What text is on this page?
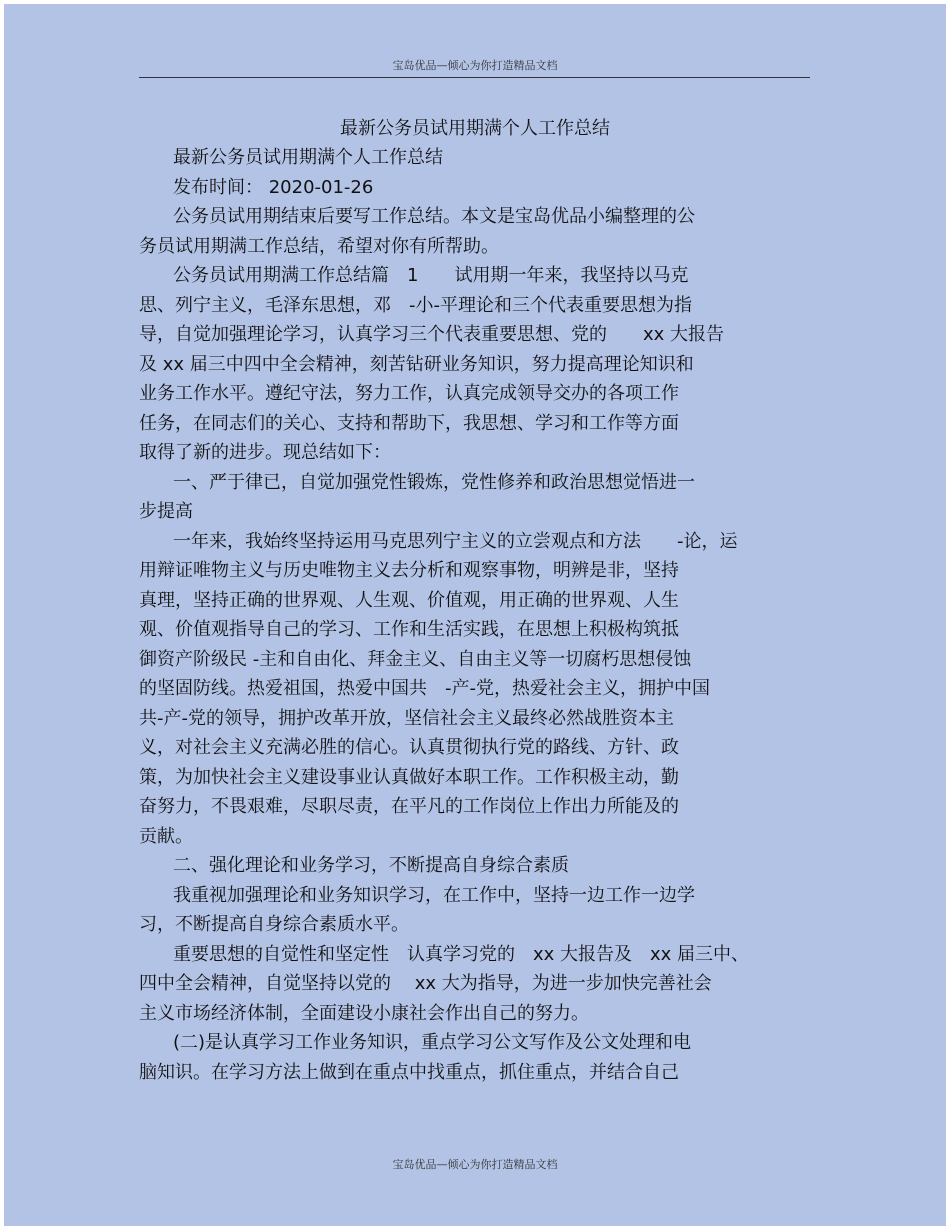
宝岛优品—倾心为你打造精品文档
最新公务员试用期满个人工作总结
最新公务员试用期满个人工作总结
发布时间： 2020-01-26
公务员试用期结束后要写工作总结。本文是宝岛优品小编整理的公
务员试用期满工作总结，希望对你有所帮助。
公务员试用期满工作总结篇　1　　试用期一年来，我坚持以马克
思、列宁主义，毛泽东思想，邓　-小-平理论和三个代表重要思想为指
导，自觉加强理论学习，认真学习三个代表重要思想、党的　　xx 大报告
及 xx 届三中四中全会精神，刻苦钻研业务知识，努力提高理论知识和
业务工作水平。遵纪守法，努力工作，认真完成领导交办的各项工作
任务，在同志们的关心、支持和帮助下，我思想、学习和工作等方面
取得了新的进步。现总结如下：
一、严于律已，自觉加强党性锻炼，党性修养和政治思想觉悟进一
步提高
一年来，我始终坚持运用马克思列宁主义的立尝观点和方法　　-论，运
用辩证唯物主义与历史唯物主义去分析和观察事物，明辨是非，坚持
真理，坚持正确的世界观、人生观、价值观，用正确的世界观、人生
观、价值观指导自己的学习、工作和生活实践，在思想上积极构筑抵
御资产阶级民 -主和自由化、拜金主义、自由主义等一切腐朽思想侵蚀
的坚固防线。热爱祖国，热爱中国共　-产-党，热爱社会主义，拥护中国
共-产-党的领导，拥护改革开放，坚信社会主义最终必然战胜资本主
义，对社会主义充满必胜的信心。认真贯彻执行党的路线、方针、政
策，为加快社会主义建设事业认真做好本职工作。工作积极主动，勤
奋努力，不畏艰难，尽职尽责，在平凡的工作岗位上作出力所能及的
贡献。
二、强化理论和业务学习，不断提高自身综合素质
我重视加强理论和业务知识学习，在工作中，坚持一边工作一边学
习，不断提高自身综合素质水平。
重要思想的自觉性和坚定性　认真学习党的　xx 大报告及　xx 届三中、
四中全会精神，自觉坚持以党的　 xx 大为指导，为进一步加快完善社会
主义市场经济体制，全面建设小康社会作出自己的努力。
(二)是认真学习工作业务知识，重点学习公文写作及公文处理和电
脑知识。在学习方法上做到在重点中找重点，抓住重点，并结合自己
宝岛优品—倾心为你打造精品文档
